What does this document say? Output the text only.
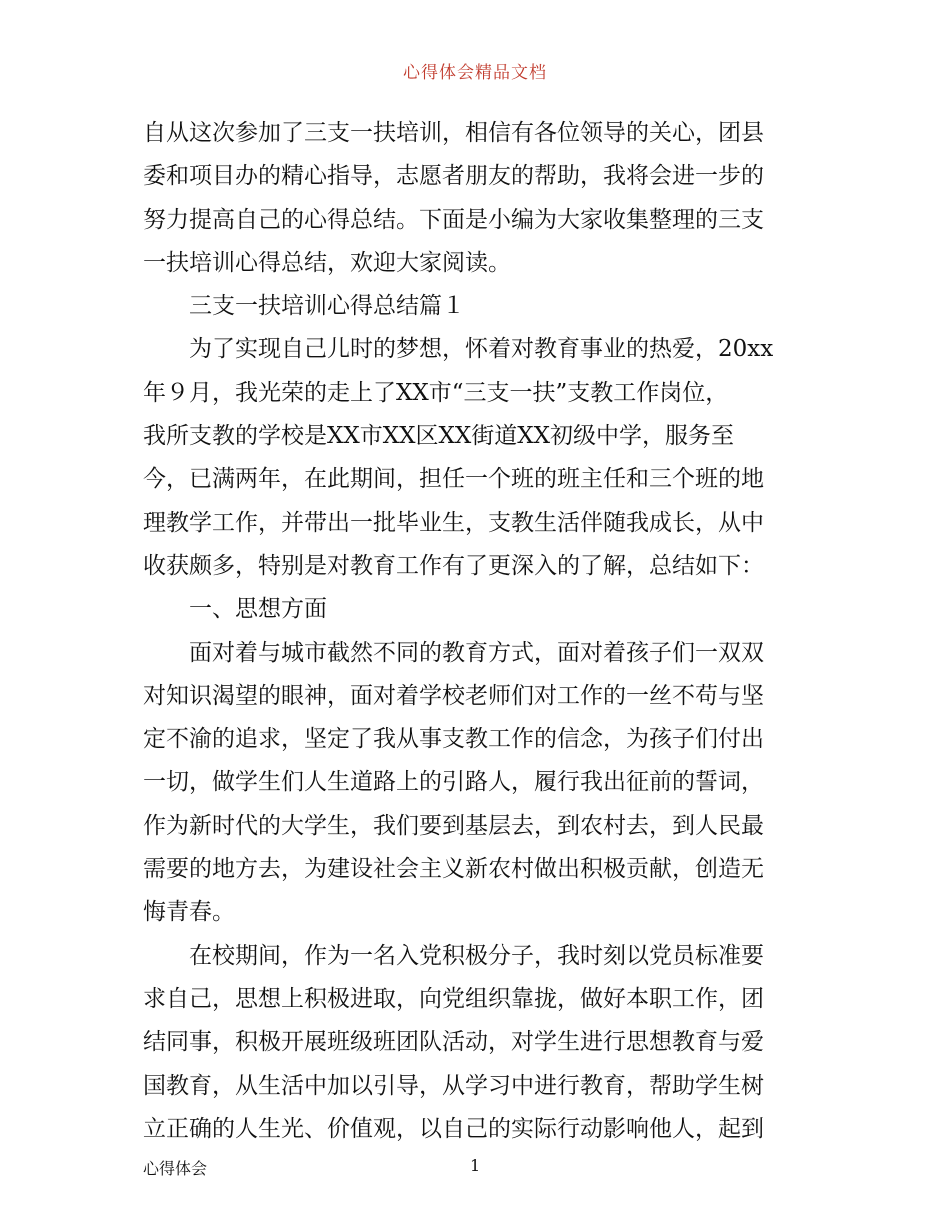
心得体会精品文档
自从这次参加了三支一扶培训，相信有各位领导的关心，团县
委和项目办的精心指导，志愿者朋友的帮助，我将会进一步的
努力提高自己的心得总结。下面是小编为大家收集整理的三支
一扶培训心得总结，欢迎大家阅读。
三支一扶培训心得总结篇１
为了实现自己儿时的梦想，怀着对教育事业的热爱，20xx
年９月，我光荣的走上了XX市“三支一扶”支教工作岗位，
我所支教的学校是XX市XX区XX街道XX初级中学，服务至
今，已满两年，在此期间，担任一个班的班主任和三个班的地
理教学工作，并带出一批毕业生，支教生活伴随我成长，从中
收获颇多，特别是对教育工作有了更深入的了解，总结如下：
一、思想方面
面对着与城市截然不同的教育方式，面对着孩子们一双双
对知识渴望的眼神，面对着学校老师们对工作的一丝不苟与坚
定不渝的追求，坚定了我从事支教工作的信念，为孩子们付出
一切，做学生们人生道路上的引路人，履行我出征前的誓词，
作为新时代的大学生，我们要到基层去，到农村去，到人民最
需要的地方去，为建设社会主义新农村做出积极贡献，创造无
悔青春。
在校期间，作为一名入党积极分子，我时刻以党员标准要
求自己，思想上积极进取，向党组织靠拢，做好本职工作，团
结同事，积极开展班级班团队活动，对学生进行思想教育与爱
国教育，从生活中加以引导，从学习中进行教育，帮助学生树
立正确的人生光、价值观，以自己的实际行动影响他人，起到
心得体会	1
